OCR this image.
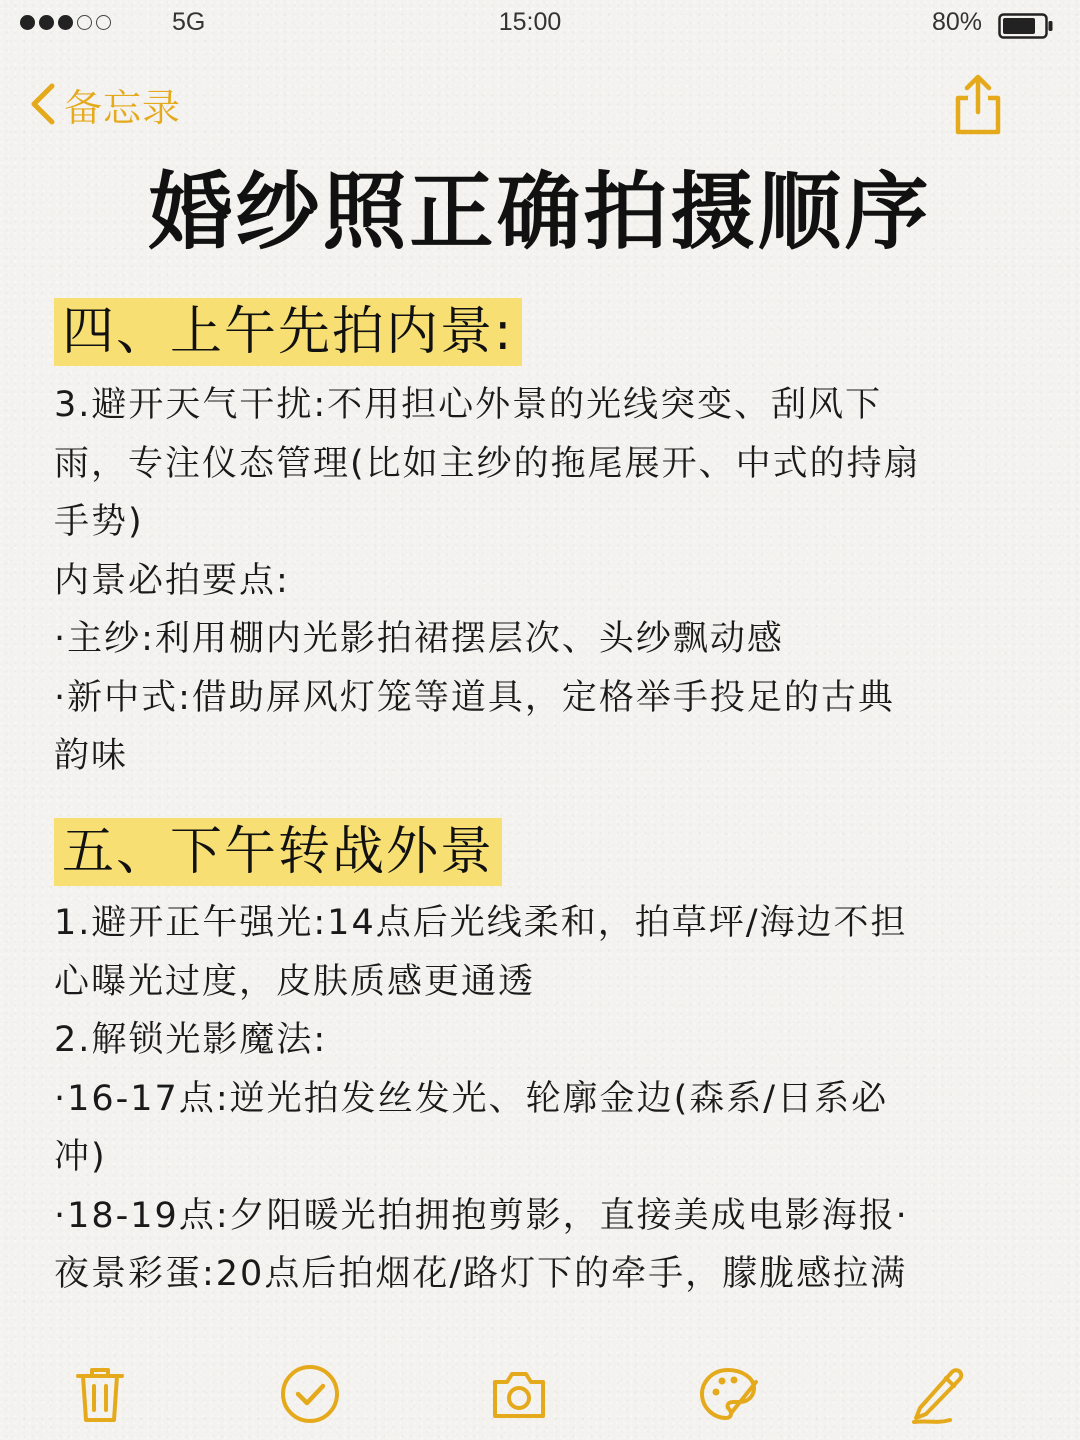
5G	15:00	80%
备忘录
婚纱照正确拍摄顺序
四、上午先拍内景:
3.避开天气干扰:不用担心外景的光线突变、刮风下
雨，专注仪态管理(比如主纱的拖尾展开、中式的持扇
手势)
内景必拍要点:
·主纱:利用棚内光影拍裙摆层次、头纱飘动感
·新中式:借助屏风灯笼等道具，定格举手投足的古典
韵味
五、下午转战外景
1.避开正午强光:14点后光线柔和，拍草坪/海边不担
心曝光过度，皮肤质感更通透
2.解锁光影魔法:
·16-17点:逆光拍发丝发光、轮廓金边(森系/日系必
冲)
·18-19点:夕阳暖光拍拥抱剪影，直接美成电影海报·
夜景彩蛋:20点后拍烟花/路灯下的牵手，朦胧感拉满
